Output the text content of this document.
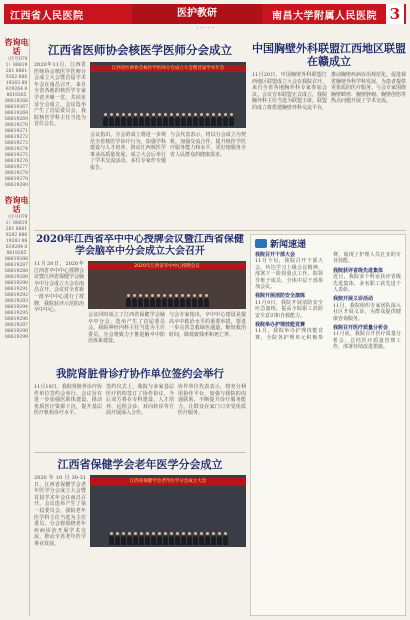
江西省人民医院	医护教研	南昌大学附属人民医院 3
· · · · ·
咨询电话
（区号0791）88619261 88619262 88619263 88619264 88619265 88619266 88619267 88619268 88619269 88619270 88619271 88619272 88619273 88619274 88619275 88619276 88619277 88619278 88619279 88619280
咨询电话
（区号0791）88619281 88619282 88619283 88619284 88619285 88619286 88619287 88619288 88619289 88619290 88619291 88619292 88619293 88619294 88619295 88619296 88619297 88619298 88619299
江西省医师协会核医学医师分会成立
2020年11月，江西省医师协会核医学医师分会成立大会暨首届学术年会在南昌召开。来自全省各地的核医学专家学者齐聚一堂，共同见证分会成立。会议选举产生了首届委员会，我院核医学科主任当选为首任会长。
江西省医师协会核医学医师分会成立大会暨首届学术年会
会议指出，分会的成立将进一步规范全省核医学诊疗行为，加强学科建设与人才培养，推动江西核医学事业高质量发展。成立大会后举行了学术交流活动，多位专家作专题报告。
与会代表表示，将以分会成立为契机，加强交流合作，提升核医学医疗服务能力和水平，更好地服务全省人民群众的健康需求。
中国胸壁外科联盟江西地区联盟在赣成立
11月20日，中国胸壁外科联盟江西地区联盟成立大会在我院召开。来自全省各地胸外科专家参加会议。会议宣布联盟正式成立，我院胸外科主任当选为联盟主席。联盟的成立将搭建胸壁外科交流平台，推动胸壁疾病诊治规范化，促进我省胸壁外科学科发展，为患者提供更优质的医疗服务。与会专家围绕胸壁畸形、胸壁肿瘤、胸壁创伤等热点问题开展了学术交流。
2020年江西省卒中中心授牌会议暨江西省保健学会脑卒中分会成立大会召开
11月28日，2020年江西省卒中中心授牌会议暨江西省保健学会脑卒中分会成立大会在南昌召开。会议对全省新一批卒中中心进行了授牌，我院获评示范防治卒中中心。
2020年江西省卒中中心授牌会议
会议同时成立了江西省保健学会脑卒中分会，选举产生了首届委员会。我院神经内科主任当选为主任委员。分会将致力于推进脑卒中防治体系建设。
与会专家指出，卒中中心建设是提高卒中救治水平的重要举措，要进一步完善急救绿色通道，缩短救治时间，降低致残率和死亡率。
我院肾脏骨诊疗协作单位签约会举行
11月18日，我院肾脏骨诊疗协作单位签约会举行。会议旨在进一步加强医联体建设，推动优质医疗资源下沉，提升基层医疗机构诊疗水平。
签约仪式上，我院与多家基层医疗机构签订了协作协议。今后双方将在专科建设、人才培养、远程会诊、双向转诊等方面开展深入合作。
协作单位代表表示，将充分利用协作平台，加强与我院的沟通联系，不断提升诊疗服务能力，让群众在家门口享受优质医疗服务。
江西省保健学会老年医学分会成立
2020年10月30-31日，江西省保健学会老年医学分会成立大会暨首届学术年会在南昌召开。会议选举产生了第一届委员会，我院老年医学科主任当选为主任委员。分会将围绕老年疾病诊治开展学术交流，推动全省老年医学事业发展。
江西省保健学会老年医学分会成立大会
新闻速递
我院召开干部大会
11月下旬，我院召开干部大会，传达学习上级会议精神，部署下一阶段重点工作。院领导班子成员、全体中层干部参加会议。
我院开展消防安全演练
11月9日，我院开展消防安全应急演练，提高全院职工消防安全意识和自救能力。
我院举办护理技能竞赛
11月，我院举办护理技能竞赛，全院各护理单元积极参赛，展现了护理人员扎实的专业技能。
我院获评省级先进集体
近日，我院多个科室获评省级先进集体，多名职工获先进个人表彰。
我院开展义诊活动
11月，我院组织专家团队深入社区开展义诊，为群众提供健康咨询服务。
我院召开医疗质量分析会
11月底，我院召开医疗质量分析会，总结医疗质量管理工作，部署持续改进措施。
